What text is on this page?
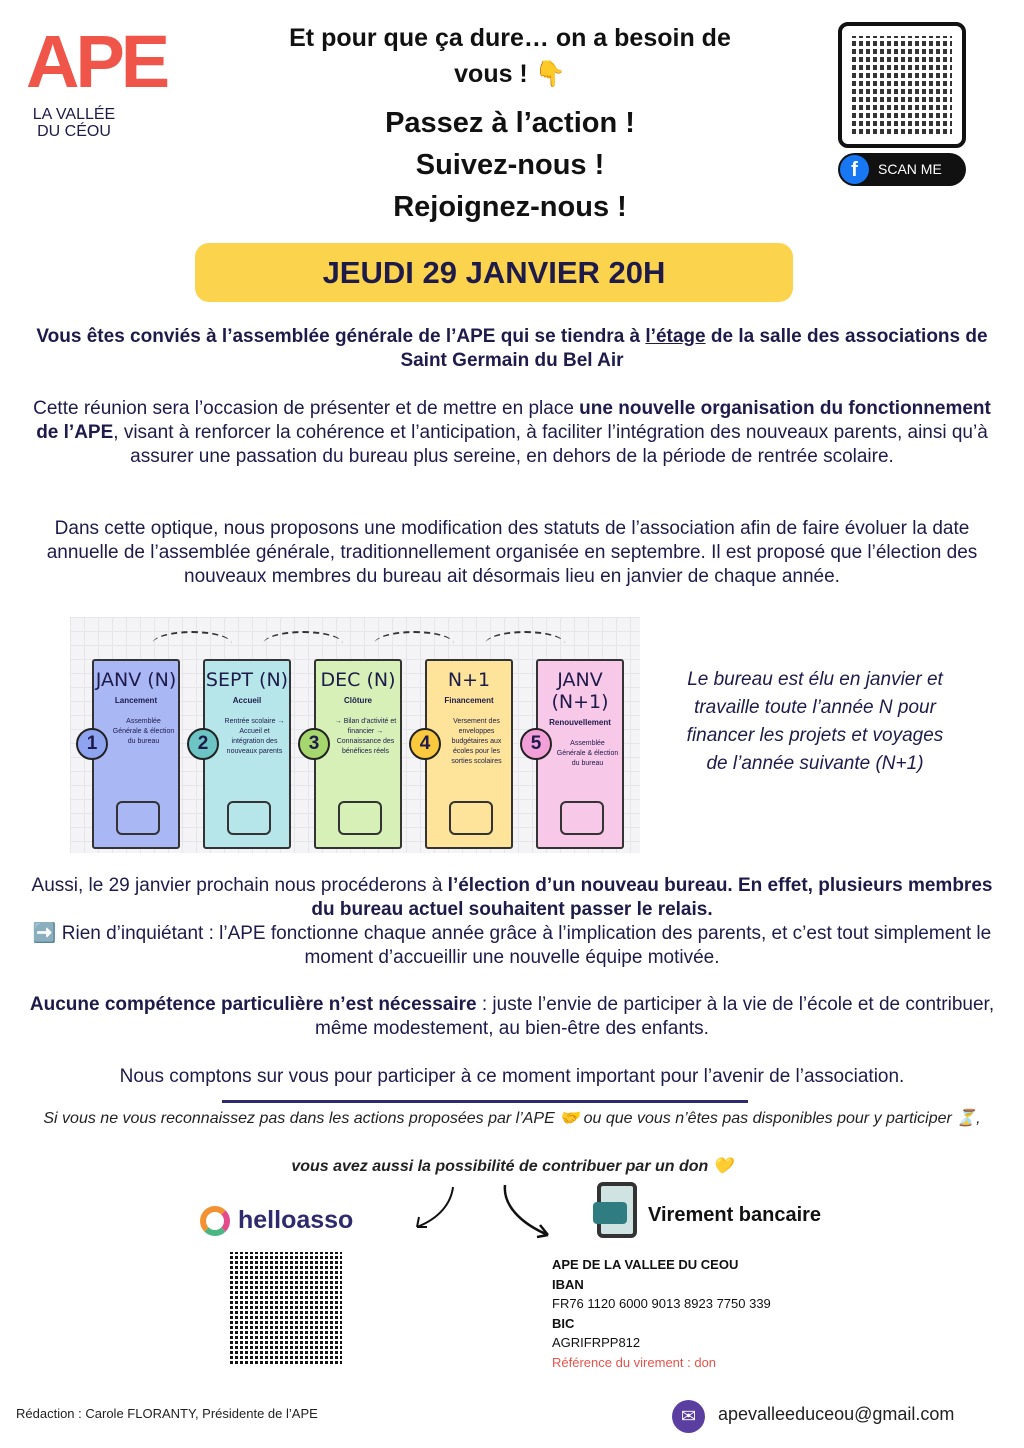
APE
LA VALLÉE DU CÉOU
Et pour que ça dure… on a besoin de vous ! 👇
Passez à l’action !
Suivez-nous !
Rejoignez-nous !
f	SCAN ME
JEUDI 29 JANVIER 20H
Vous êtes conviés à l’assemblée générale de l’APE qui se tiendra à l’étage de la salle des associations de Saint Germain du Bel Air
Cette réunion sera l’occasion de présenter et de mettre en place une nouvelle organisation du fonctionnement de l’APE, visant à renforcer la cohérence et l’anticipation, à faciliter l’intégration des nouveaux parents, ainsi qu’à assurer une passation du bureau plus sereine, en dehors de la période de rentrée scolaire.
Dans cette optique, nous proposons une modification des statuts de l’association afin de faire évoluer la date annuelle de l’assemblée générale, traditionnellement organisée en septembre. Il est proposé que l’élection des nouveaux membres du bureau ait désormais lieu en janvier de chaque année.
JANV (N)
Lancement
Assemblée Générale & élection du bureau
1
SEPT (N)
Accueil
Rentrée scolaire → Accueil et intégration des nouveaux parents
2
DEC (N)
Clôture
→ Bilan d’activité et financier → Connaissance des bénéfices réels
3
N+1
Financement
Versement des enveloppes budgétaires aux écoles pour les sorties scolaires
4
JANV (N+1)
Renouvellement
Assemblée Générale & élection du bureau
5
Le bureau est élu en janvier et travaille toute l’année N pour financer les projets et voyages de l’année suivante (N+1)
Aussi, le 29 janvier prochain nous procéderons à l’élection d’un nouveau bureau. En effet, plusieurs membres du bureau actuel souhaitent passer le relais.
➡️ Rien d’inquiétant : l’APE fonctionne chaque année grâce à l’implication des parents, et c’est tout simplement le moment d’accueillir une nouvelle équipe motivée.
Aucune compétence particulière n’est nécessaire : juste l’envie de participer à la vie de l’école et de contribuer, même modestement, au bien-être des enfants.
Nous comptons sur vous pour participer à ce moment important pour l’avenir de l’association.
Si vous ne vous reconnaissez pas dans les actions proposées par l’APE 🤝 ou que vous n’êtes pas disponibles pour y participer ⏳,
vous avez aussi la possibilité de contribuer par un don 💛
helloasso	Virement bancaire
APE DE LA VALLEE DU CEOU
IBAN
FR76 1120 6000 9013 8923 7750 339
BIC
AGRIFRPP812
Référence du virement : don
Rédaction : Carole FLORANTY, Présidente de l’APE	✉	apevalleeduceou@gmail.com
